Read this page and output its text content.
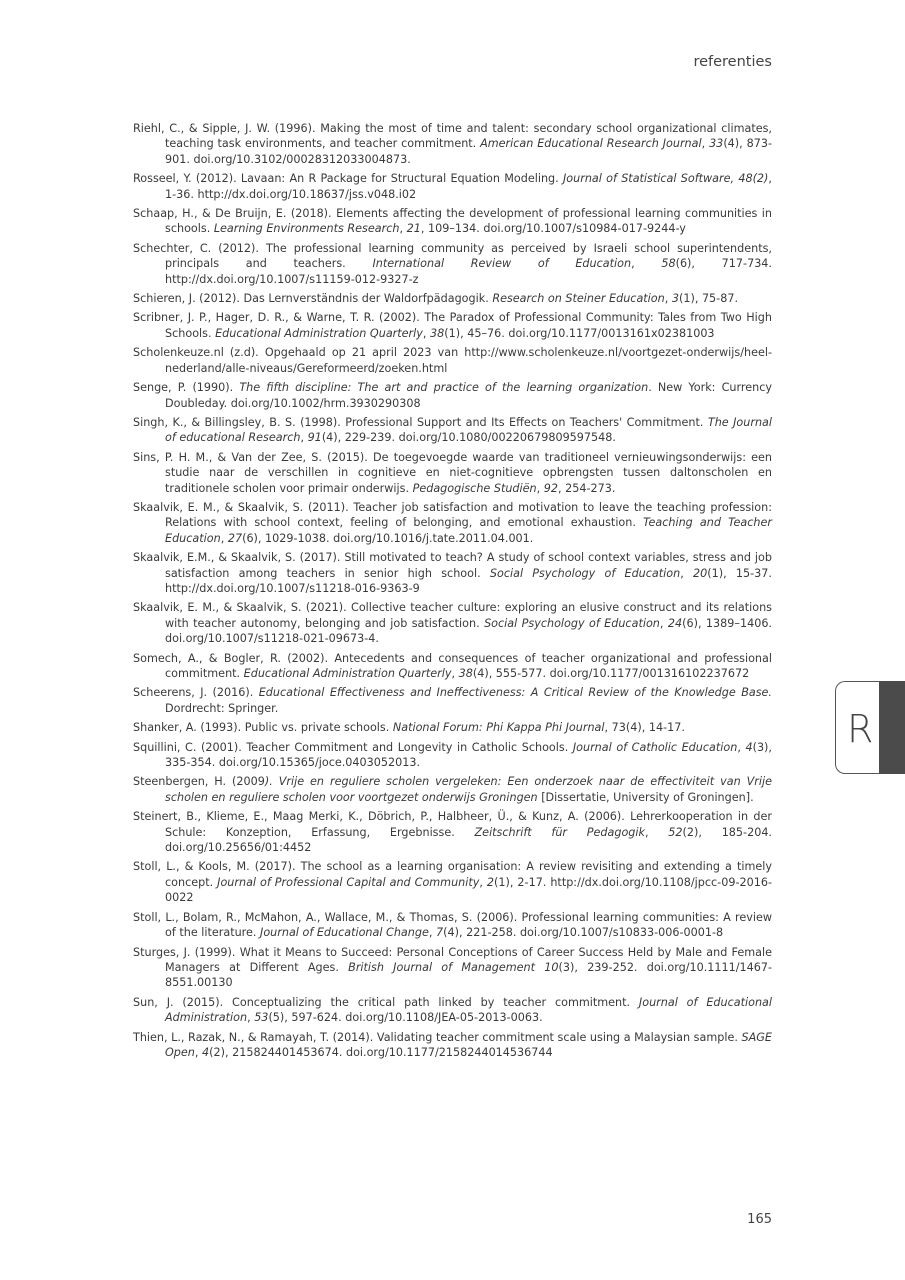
referenties

Riehl, C., & Sipple, J. W. (1996). Making the most of time and talent: secondary school organizational climates, teaching task environments, and teacher commitment. American Educational Research Journal, 33(4), 873-901. doi.org/10.3102/00028312033004873.

Rosseel, Y. (2012). Lavaan: An R Package for Structural Equation Modeling. Journal of Statistical Software, 48(2), 1-36. http://dx.doi.org/10.18637/jss.v048.i02

Schaap, H., & De Bruijn, E. (2018). Elements affecting the development of professional learning communities in schools. Learning Environments Research, 21, 109–134. doi.org/10.1007/s10984-017-9244-y

Schechter, C. (2012). The professional learning community as perceived by Israeli school superintendents, principals and teachers. International Review of Education, 58(6), 717-734. http://dx.doi.org/10.1007/s11159-012-9327-z

Schieren, J. (2012). Das Lernverständnis der Waldorfpädagogik. Research on Steiner Education, 3(1), 75-87.

Scribner, J. P., Hager, D. R., & Warne, T. R. (2002). The Paradox of Professional Community: Tales from Two High Schools. Educational Administration Quarterly, 38(1), 45–76. doi.org/10.1177/0013161x02381003

Scholenkeuze.nl (z.d). Opgehaald op 21 april 2023 van http://www.scholenkeuze.nl/voortgezet-onderwijs/heel-nederland/alle-niveaus/Gereformeerd/zoeken.html

Senge, P. (1990). The fifth discipline: The art and practice of the learning organization. New York: Currency Doubleday. doi.org/10.1002/hrm.3930290308

Singh, K., & Billingsley, B. S. (1998). Professional Support and Its Effects on Teachers' Commitment. The Journal of educational Research, 91(4), 229-239. doi.org/10.1080/00220679809597548.

Sins, P. H. M., & Van der Zee, S. (2015). De toegevoegde waarde van traditioneel vernieuwingsonderwijs: een studie naar de verschillen in cognitieve en niet-cognitieve opbrengsten tussen daltonscholen en traditionele scholen voor primair onderwijs. Pedagogische Studiën, 92, 254-273.

Skaalvik, E. M., & Skaalvik, S. (2011). Teacher job satisfaction and motivation to leave the teaching profession: Relations with school context, feeling of belonging, and emotional exhaustion. Teaching and Teacher Education, 27(6), 1029-1038. doi.org/10.1016/j.tate.2011.04.001.

Skaalvik, E.M., & Skaalvik, S. (2017). Still motivated to teach? A study of school context variables, stress and job satisfaction among teachers in senior high school. Social Psychology of Education, 20(1), 15-37. http://dx.doi.org/10.1007/s11218-016-9363-9

Skaalvik, E. M., & Skaalvik, S. (2021). Collective teacher culture: exploring an elusive construct and its relations with teacher autonomy, belonging and job satisfaction. Social Psychology of Education, 24(6), 1389–1406. doi.org/10.1007/s11218-021-09673-4.

Somech, A., & Bogler, R. (2002). Antecedents and consequences of teacher organizational and professional commitment. Educational Administration Quarterly, 38(4), 555-577. doi.org/10.1177/001316102237672

Scheerens, J. (2016). Educational Effectiveness and Ineffectiveness: A Critical Review of the Knowledge Base. Dordrecht: Springer.

Shanker, A. (1993). Public vs. private schools. National Forum: Phi Kappa Phi Journal, 73(4), 14-17.

Squillini, C. (2001). Teacher Commitment and Longevity in Catholic Schools. Journal of Catholic Education, 4(3), 335-354. doi.org/10.15365/joce.0403052013.

Steenbergen, H. (2009). Vrije en reguliere scholen vergeleken: Een onderzoek naar de effectiviteit van Vrije scholen en reguliere scholen voor voortgezet onderwijs Groningen [Dissertatie, University of Groningen].

Steinert, B., Klieme, E., Maag Merki, K., Döbrich, P., Halbheer, Ü., & Kunz, A. (2006). Lehrerkooperation in der Schule: Konzeption, Erfassung, Ergebnisse. Zeitschrift für Pedagogik, 52(2), 185-204. doi.org/10.25656/01:4452

Stoll, L., & Kools, M. (2017). The school as a learning organisation: A review revisiting and extending a timely concept. Journal of Professional Capital and Community, 2(1), 2-17. http://dx.doi.org/10.1108/jpcc-09-2016-0022

Stoll, L., Bolam, R., McMahon, A., Wallace, M., & Thomas, S. (2006). Professional learning communities: A review of the literature. Journal of Educational Change, 7(4), 221-258. doi.org/10.1007/s10833-006-0001-8

Sturges, J. (1999). What it Means to Succeed: Personal Conceptions of Career Success Held by Male and Female Managers at Different Ages. British Journal of Management 10(3), 239-252. doi.org/10.1111/1467-8551.00130

Sun, J. (2015). Conceptualizing the critical path linked by teacher commitment. Journal of Educational Administration, 53(5), 597-624. doi.org/10.1108/JEA-05-2013-0063.

Thien, L., Razak, N., & Ramayah, T. (2014). Validating teacher commitment scale using a Malaysian sample. SAGE Open, 4(2), 215824401453674. doi.org/10.1177/2158244014536744

R
165
